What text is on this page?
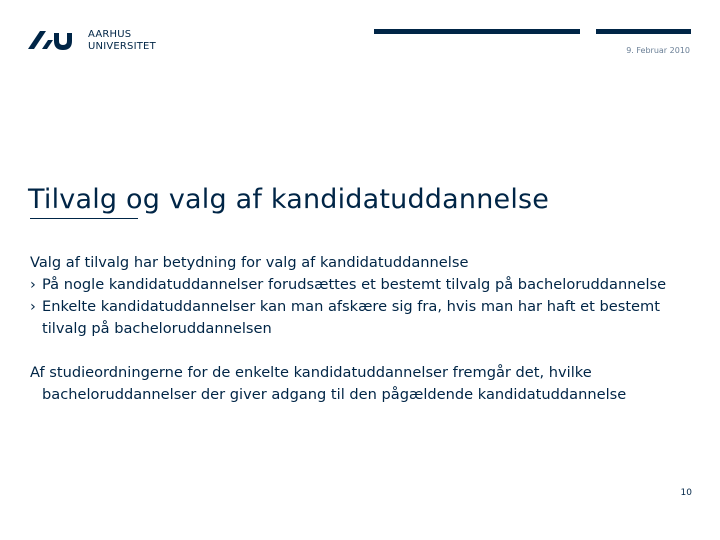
AARHUS
UNIVERSITET	9. Februar 2010
Tilvalg og valg af kandidatuddannelse

Valg af tilvalg har betydning for valg af kandidatuddannelse

› På nogle kandidatuddannelser forudsættes et bestemt tilvalg på bacheloruddannelse
› Enkelte kandidatuddannelser kan man afskære sig fra, hvis man har haft et bestemt tilvalg på bacheloruddannelsen

Af studieordningerne for de enkelte kandidatuddannelser fremgår det, hvilke
bacheloruddannelser der giver adgang til den pågældende kandidatuddannelse

10
